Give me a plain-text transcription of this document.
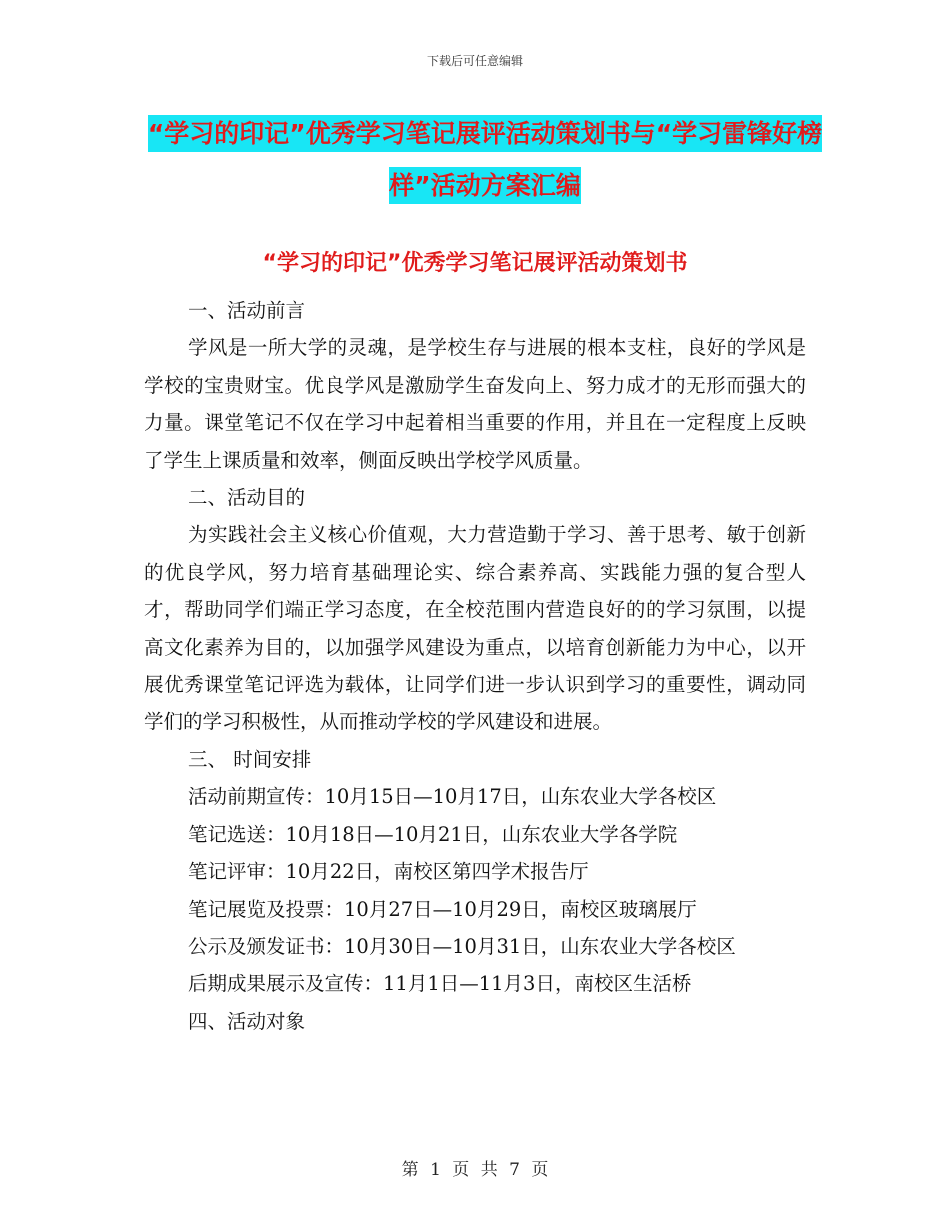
下载后可任意编辑
“学习的印记”优秀学习笔记展评活动策划书与“学习雷锋好榜样”活动方案汇编
“学习的印记”优秀学习笔记展评活动策划书
一、活动前言

学风是一所大学的灵魂，是学校生存与进展的根本支柱，良好的学风是学校的宝贵财宝。优良学风是激励学生奋发向上、努力成才的无形而强大的力量。课堂笔记不仅在学习中起着相当重要的作用，并且在一定程度上反映了学生上课质量和效率，侧面反映出学校学风质量。

二、活动目的

为实践社会主义核心价值观，大力营造勤于学习、善于思考、敏于创新的优良学风，努力培育基础理论实、综合素养高、实践能力强的复合型人才，帮助同学们端正学习态度，在全校范围内营造良好的的学习氛围，以提高文化素养为目的，以加强学风建设为重点，以培育创新能力为中心，以开展优秀课堂笔记评选为载体，让同学们进一步认识到学习的重要性，调动同学们的学习积极性，从而推动学校的学风建设和进展。

三、 时间安排
活动前期宣传：10月15日—10月17日，山东农业大学各校区
笔记选送：10月18日—10月21日，山东农业大学各学院
笔记评审：10月22日，南校区第四学术报告厅
笔记展览及投票：10月27日—10月29日，南校区玻璃展厅
公示及颁发证书：10月30日—10月31日，山东农业大学各校区
后期成果展示及宣传：11月1日—11月3日，南校区生活桥
四、活动对象
第 1 页 共 7 页
